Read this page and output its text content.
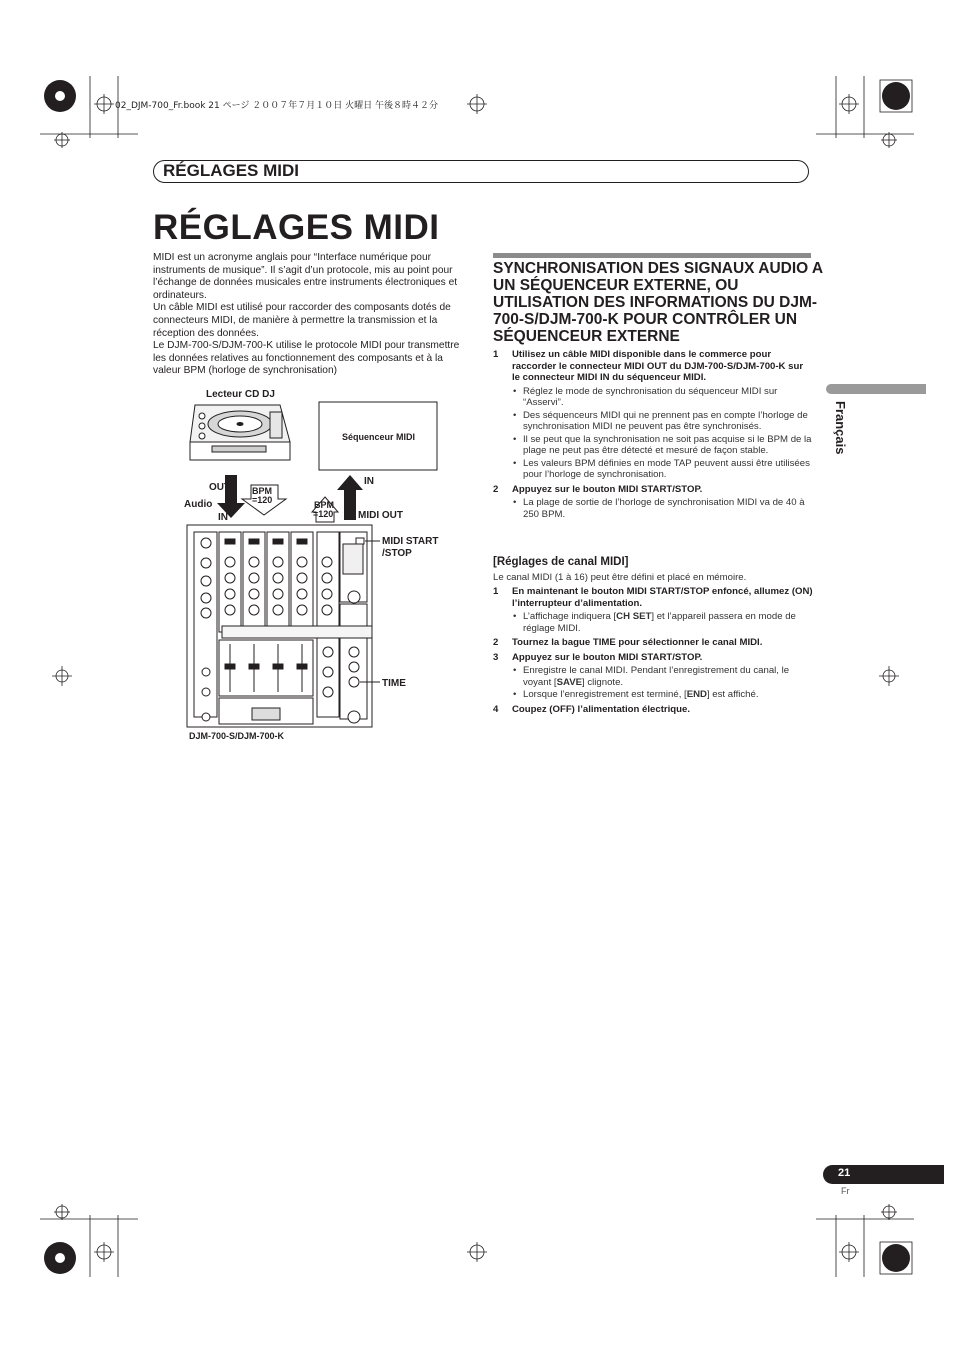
02_DJM-700_Fr.book 21 ページ ２００７年７月１０日 火曜日 午後８時４２分
RÉGLAGES MIDI
RÉGLAGES MIDI

MIDI est un acronyme anglais pour “Interface numérique pour instruments de musique”. Il s’agit d’un protocole, mis au point pour l’échange de données musicales entre instruments électroniques et ordinateurs.

Un câble MIDI est utilisé pour raccorder des composants dotés de connecteurs MIDI, de manière à permettre la transmission et la réception des données.

Le DJM-700-S/DJM-700-K utilise le protocole MIDI pour transmettre les données relatives au fonctionnement des composants et à la valeur BPM (horloge de synchronisation)

Lecteur CD DJ
Séquenceur MIDI
OUT
Audio
IN
BPM
=120	BPM
=120
IN
MIDI OUT
MIDI START
/STOP
TIME
DJM-700-S/DJM-700-K
SYNCHRONISATION DES SIGNAUX AUDIO A UN SÉQUENCEUR EXTERNE, OU UTILISATION DES INFORMATIONS DU DJM-700-S/DJM-700-K POUR CONTRÔLER UN SÉQUENCEUR EXTERNE
1 Utilisez un câble MIDI disponible dans le commerce pour raccorder le connecteur MIDI OUT du DJM-700-S/DJM-700-K sur le connecteur MIDI IN du séquenceur MIDI.
• Réglez le mode de synchronisation du séquenceur MIDI sur “Asservi”.
• Des séquenceurs MIDI qui ne prennent pas en compte l’horloge de synchronisation MIDI ne peuvent pas être synchronisés.
• Il se peut que la synchronisation ne soit pas acquise si le BPM de la plage ne peut pas être détecté et mesuré de façon stable.
• Les valeurs BPM définies en mode TAP peuvent aussi être utilisées pour l’horloge de synchronisation.
2 Appuyez sur le bouton MIDI START/STOP.
• La plage de sortie de l’horloge de synchronisation MIDI va de 40 à 250 BPM.
[Réglages de canal MIDI]
Le canal MIDI (1 à 16) peut être défini et placé en mémoire.
1 En maintenant le bouton MIDI START/STOP enfoncé, allumez (ON) l’interrupteur d’alimentation.
• L’affichage indiquera [CH SET] et l’appareil passera en mode de réglage MIDI.
2 Tournez la bague TIME pour sélectionner le canal MIDI.
3 Appuyez sur le bouton MIDI START/STOP.
• Enregistre le canal MIDI. Pendant l’enregistrement du canal, le voyant [SAVE] clignote.
• Lorsque l’enregistrement est terminé, [END] est affiché.
4 Coupez (OFF) l’alimentation électrique.
Français
21
Fr
